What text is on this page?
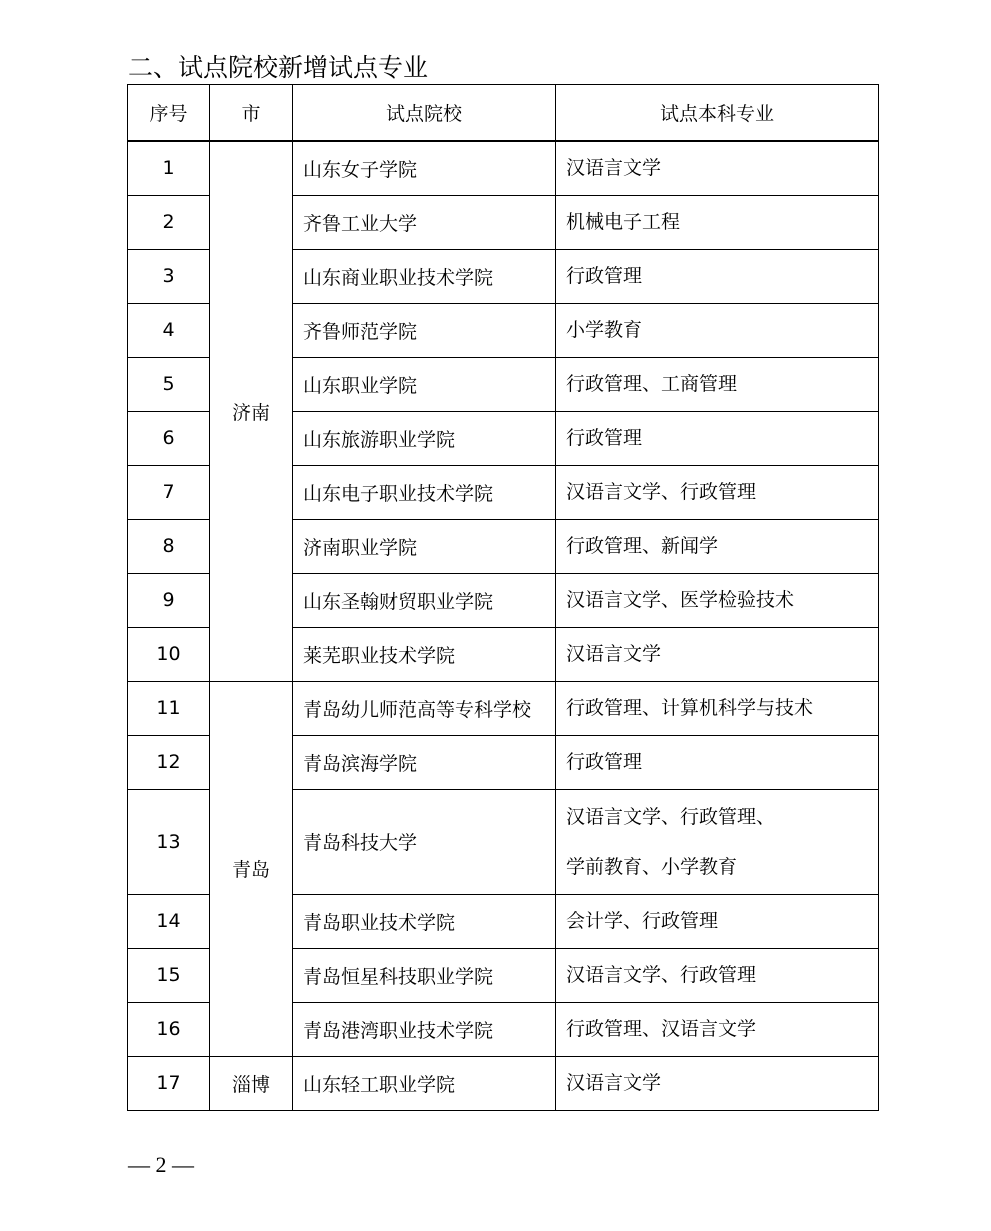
二、试点院校新增试点专业
序号	市	试点院校	试点本科专业
1	济南	山东女子学院	汉语言文学

2		齐鲁工业大学	机械电子工程

3		山东商业职业技术学院	行政管理

4		齐鲁师范学院	小学教育

5		山东职业学院	行政管理、工商管理

6		山东旅游职业学院	行政管理

7		山东电子职业技术学院	汉语言文学、行政管理

8		济南职业学院	行政管理、新闻学

9		山东圣翰财贸职业学院	汉语言文学、医学检验技术

10		莱芜职业技术学院	汉语言文学

11	青岛	青岛幼儿师范高等专科学校	行政管理、计算机科学与技术

12		青岛滨海学院	行政管理

13		青岛科技大学	汉语言文学、行政管理、
学前教育、小学教育

14		青岛职业技术学院	会计学、行政管理

15		青岛恒星科技职业学院	汉语言文学、行政管理

16		青岛港湾职业技术学院	行政管理、汉语言文学

17	淄博	山东轻工职业学院	汉语言文学
— 2 —
